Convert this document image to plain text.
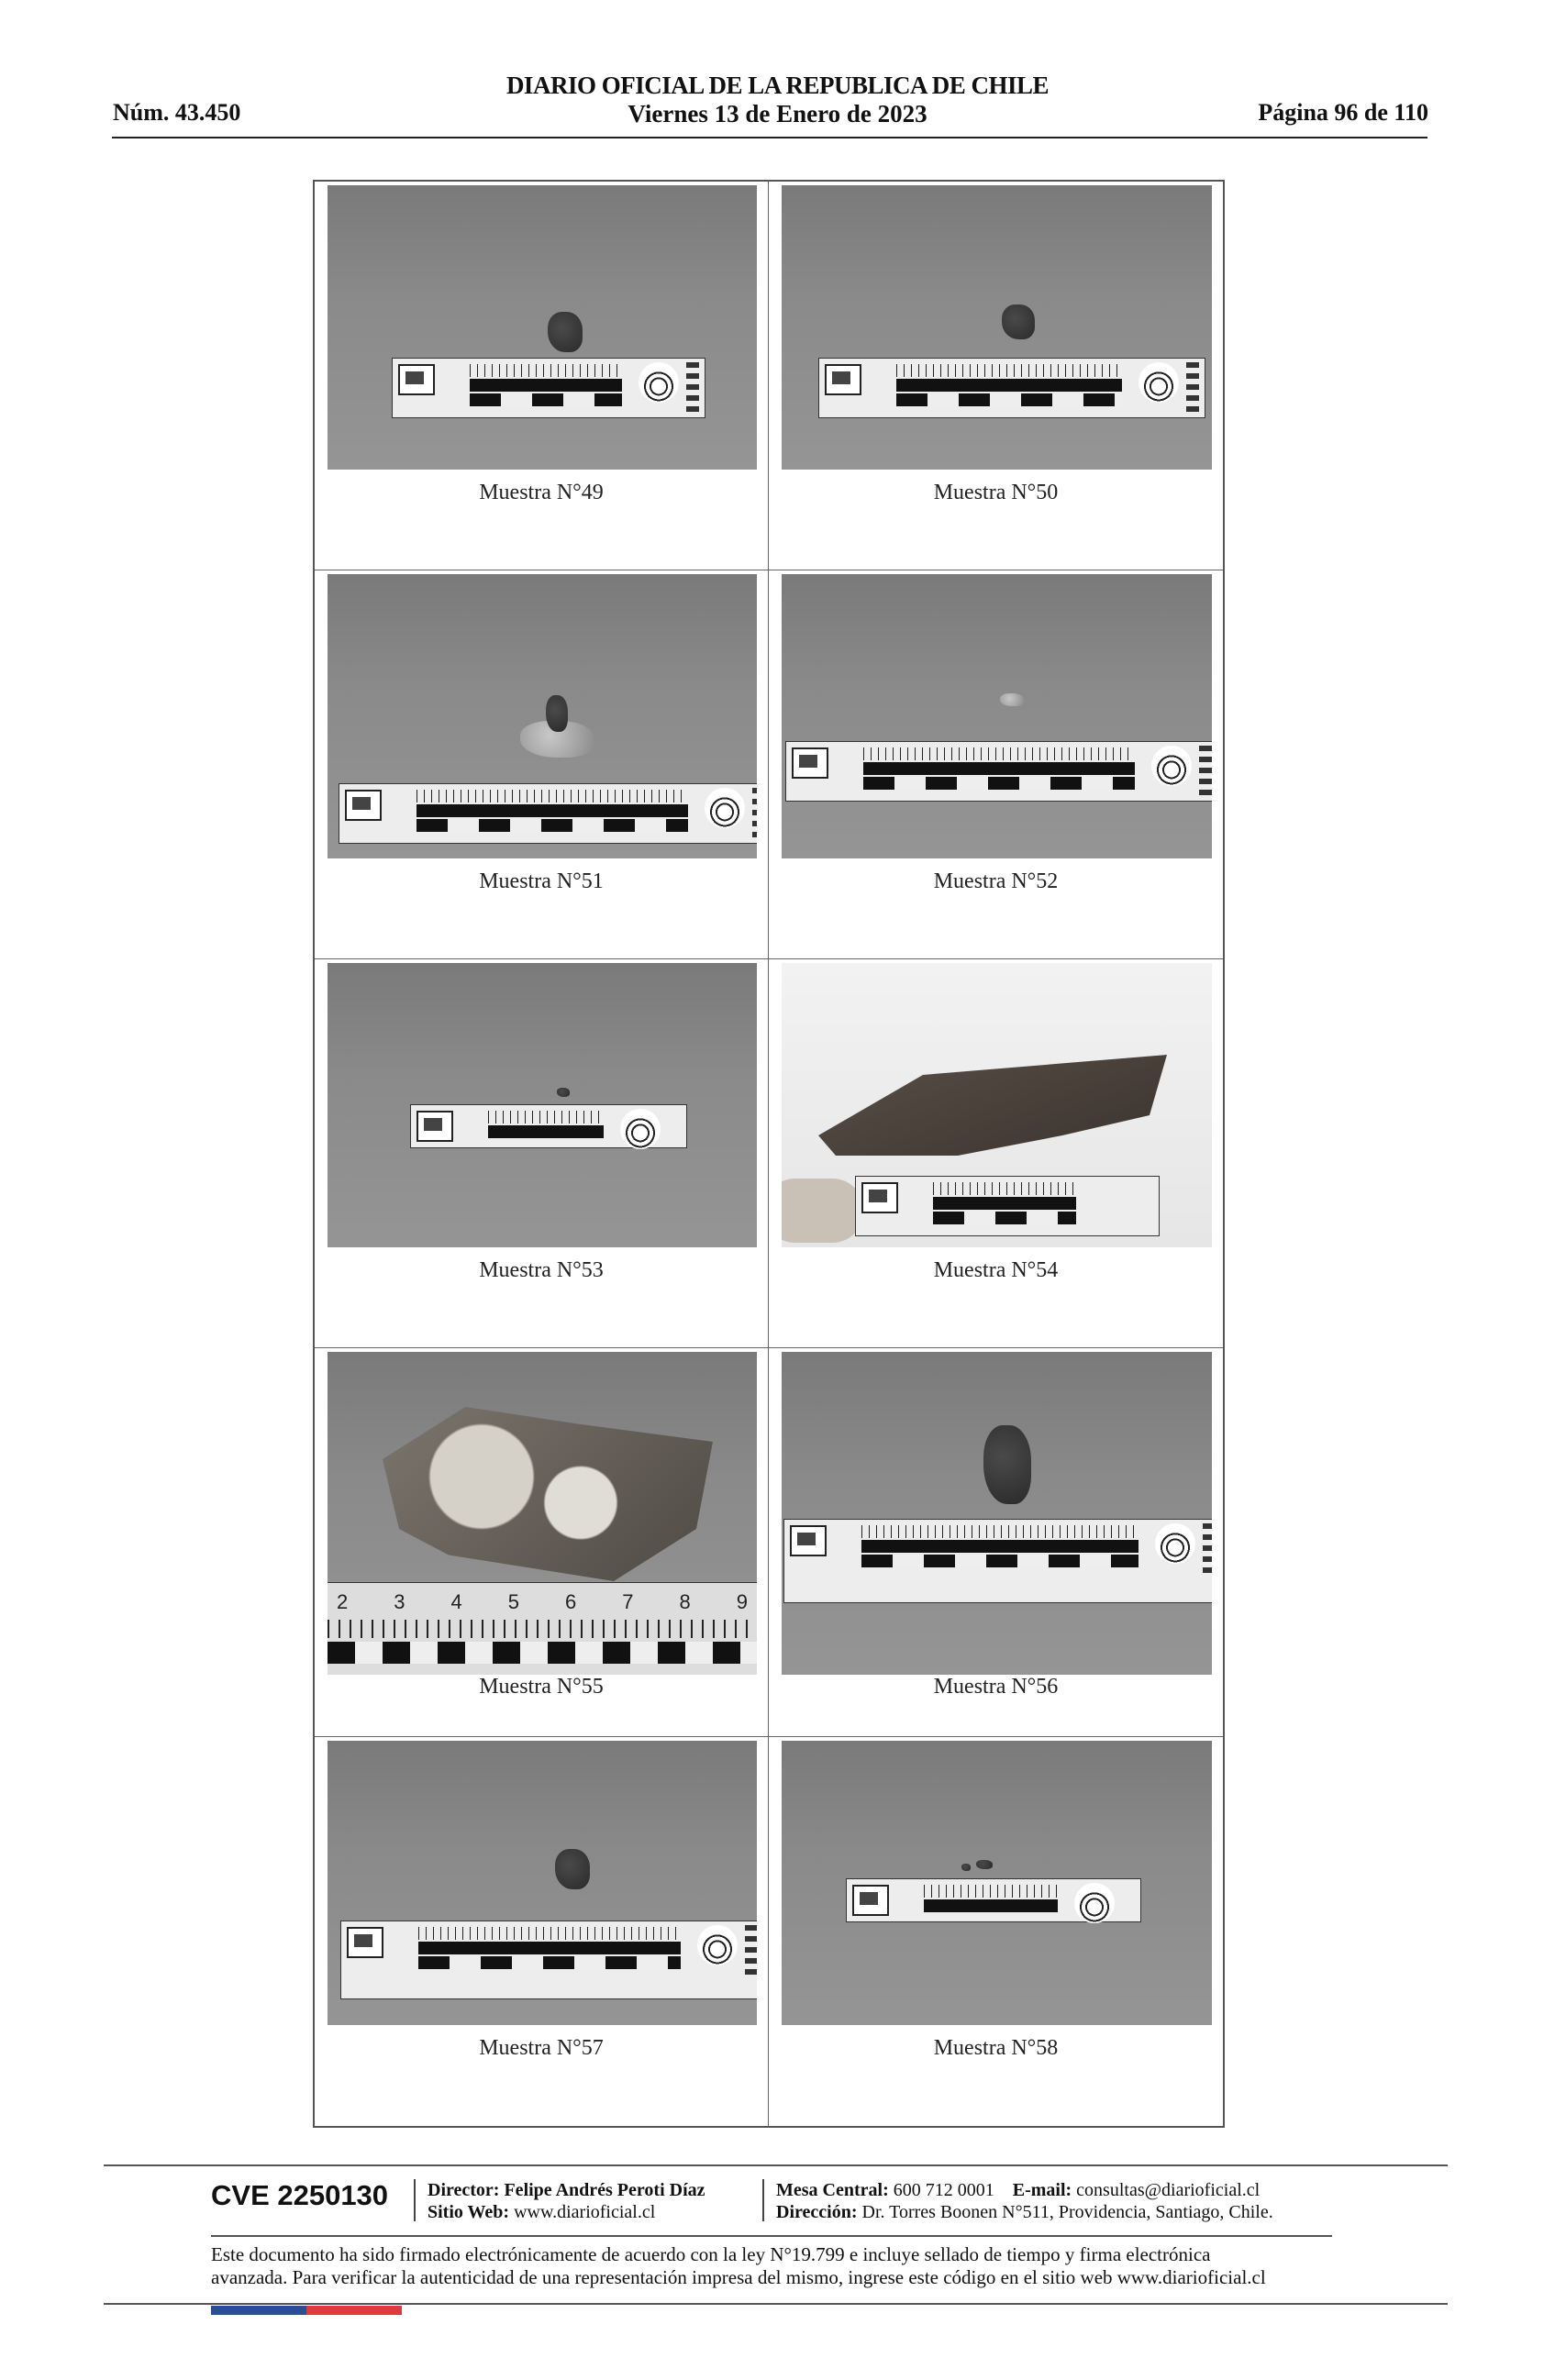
Núm. 43.450
DIARIO OFICIAL DE LA REPUBLICA DE CHILE
Viernes 13 de Enero de 2023	Página 96 de 110
Muestra N°49	Muestra N°50
Muestra N°51	Muestra N°52
Muestra N°53	Muestra N°54
2 3 4 5 6 7 8 9
Muestra N°55	Muestra N°56
Muestra N°57	Muestra N°58
CVE 2250130 Director: Felipe Andrés Peroti Díaz
Sitio Web: www.diarioficial.cl
Mesa Central: 600 712 0001 E-mail: consultas@diarioficial.cl
Dirección: Dr. Torres Boonen N°511, Providencia, Santiago, Chile.
Este documento ha sido firmado electrónicamente de acuerdo con la ley N°19.799 e incluye sellado de tiempo y firma electrónica
avanzada. Para verificar la autenticidad de una representación impresa del mismo, ingrese este código en el sitio web www.diarioficial.cl
